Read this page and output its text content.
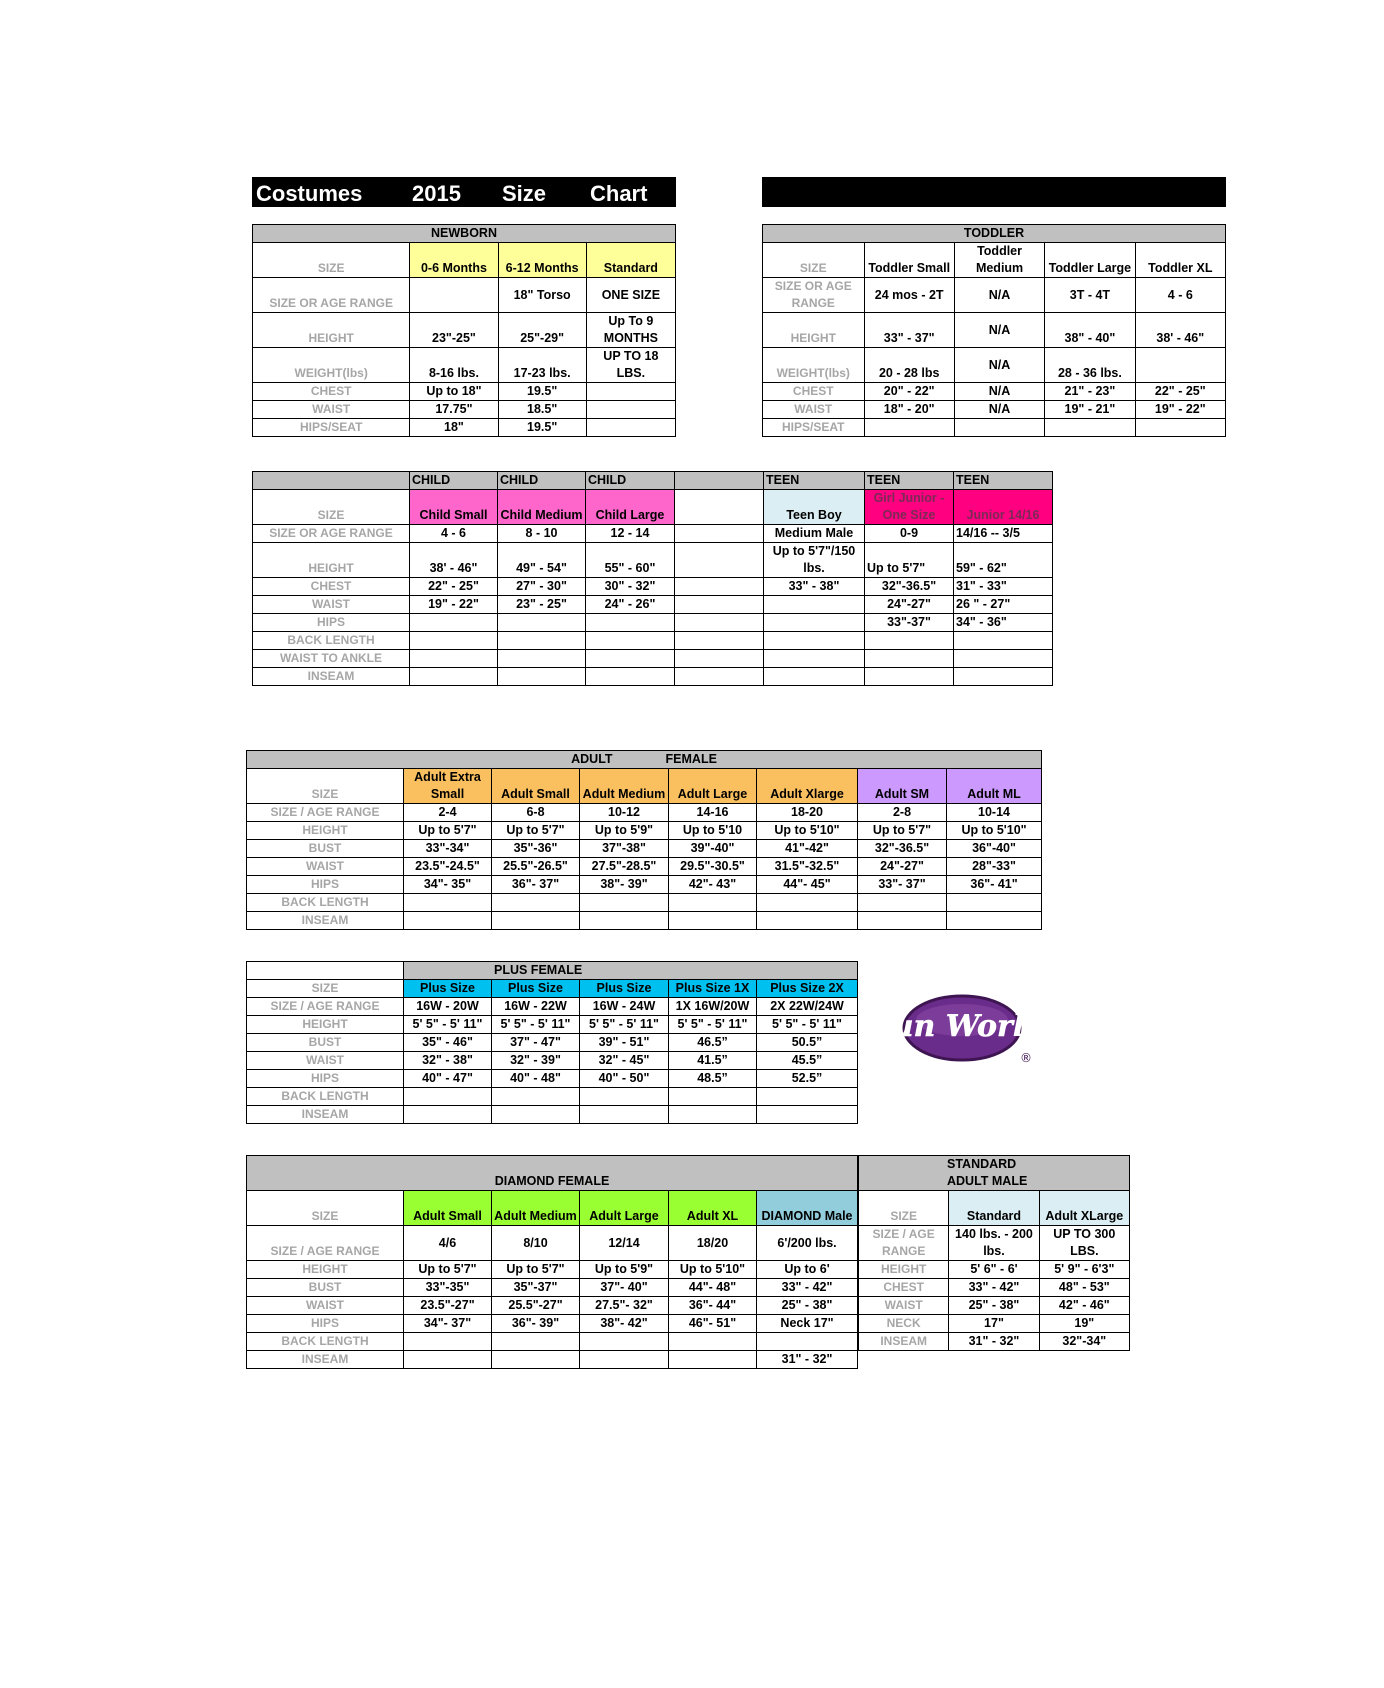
Costumes 2015 Size Chart
NEWBORN			
SIZE	0-6 Months	6-12 Months	Standard
SIZE OR AGE RANGE		18" Torso	ONE SIZE
HEIGHT	23"-25"	25"-29"	Up To 9 MONTHS
WEIGHT(lbs)	8-16 lbs.	17-23 lbs.	UP TO 18 LBS.
CHEST	Up to 18"	19.5"	
WAIST	17.75"	18.5"	
HIPS/SEAT	18"	19.5"	
TODDLER				
SIZE	Toddler Small	Toddler Medium	Toddler Large	Toddler XL
SIZE OR AGE RANGE	24 mos - 2T	N/A	3T - 4T	4 - 6
HEIGHT	33" - 37"	N/A	38" - 40"	38' - 46"
WEIGHT(lbs)	20 - 28 lbs	N/A	28 - 36 lbs.	
CHEST	20" - 22"	N/A	21" - 23"	22" - 25"
WAIST	18" - 20"	N/A	19" - 21"	19" - 22"
HIPS/SEAT				
	CHILD	CHILD	CHILD		TEEN	TEEN	TEEN
SIZE	Child Small	Child Medium	Child Large		Teen Boy	Girl Junior - One Size	Junior 14/16
SIZE OR AGE RANGE	4 - 6	8 - 10	12 - 14		Medium Male	0-9	14/16 -- 3/5
HEIGHT	38' - 46"	49" - 54"	55" - 60"		Up to 5'7"/150 lbs.	Up to 5'7"	59" - 62"
CHEST	22" - 25"	27" - 30"	30" - 32"		33" - 38"	32"-36.5"	31" - 33"
WAIST	19" - 22"	23" - 25"	24" - 26"			24"-27"	26 " - 27"
HIPS						33"-37"	34" - 36"
BACK LENGTH							
WAIST TO ANKLE							
INSEAM							
ADULT FEMALE							
SIZE	Adult Extra Small	Adult Small	Adult Medium	Adult Large	Adult Xlarge	Adult SM	Adult ML
SIZE / AGE RANGE	2-4	6-8	10-12	14-16	18-20	2-8	10-14
HEIGHT	Up to 5'7"	Up to 5'7"	Up to 5'9"	Up to 5'10	Up to 5'10"	Up to 5'7"	Up to 5'10"
BUST	33"-34"	35"-36"	37"-38"	39"-40"	41"-42"	32"-36.5"	36"-40"
WAIST	23.5"-24.5"	25.5"-26.5"	27.5"-28.5"	29.5"-30.5"	31.5"-32.5"	24"-27"	28"-33"
HIPS	34"- 35"	36"- 37"	38"- 39"	42"- 43"	44"- 45"	33"- 37"	36"- 41"
BACK LENGTH							
INSEAM							
	PLUS FEMALE				
SIZE	Plus Size	Plus Size	Plus Size	Plus Size 1X	Plus Size 2X
SIZE / AGE RANGE	16W - 20W	16W - 22W	16W - 24W	1X 16W/20W	2X 22W/24W
HEIGHT	5' 5" - 5' 11"	5' 5" - 5' 11"	5' 5" - 5' 11"	5' 5" - 5' 11"	5' 5" - 5' 11"
BUST	35" - 46"	37" - 47"	39" - 51"	46.5”	50.5”
WAIST	32" - 38"	32" - 39"	32" - 45"	41.5”	45.5”
HIPS	40" - 47"	40" - 48"	40" - 50"	48.5”	52.5”
BACK LENGTH					
INSEAM					
fun World
®
DIAMOND FEMALE					
SIZE	Adult Small	Adult Medium	Adult Large	Adult XL	DIAMOND Male
SIZE / AGE RANGE	4/6	8/10	12/14	18/20	6'/200 lbs.
HEIGHT	Up to 5'7"	Up to 5'7"	Up to 5'9"	Up to 5'10"	Up to 6'
BUST	33"-35"	35"-37"	37"- 40"	44"- 48"	33" - 42"
WAIST	23.5"-27"	25.5"-27"	27.5"- 32"	36"- 44"	25" - 38"
HIPS	34"- 37"	36"- 39"	38"- 42"	46"- 51"	Neck 17"
BACK LENGTH					
INSEAM					31" - 32"
STANDARD
ADULT MALE		

SIZE	Standard	Adult XLarge
SIZE / AGE RANGE	140 lbs. - 200 lbs.	UP TO 300 LBS.
HEIGHT	5' 6" - 6'	5' 9" - 6'3"
CHEST	33" - 42"	48" - 53"
WAIST	25" - 38"	42" - 46"
NECK	17"	19"
INSEAM	31" - 32"	32"-34"
